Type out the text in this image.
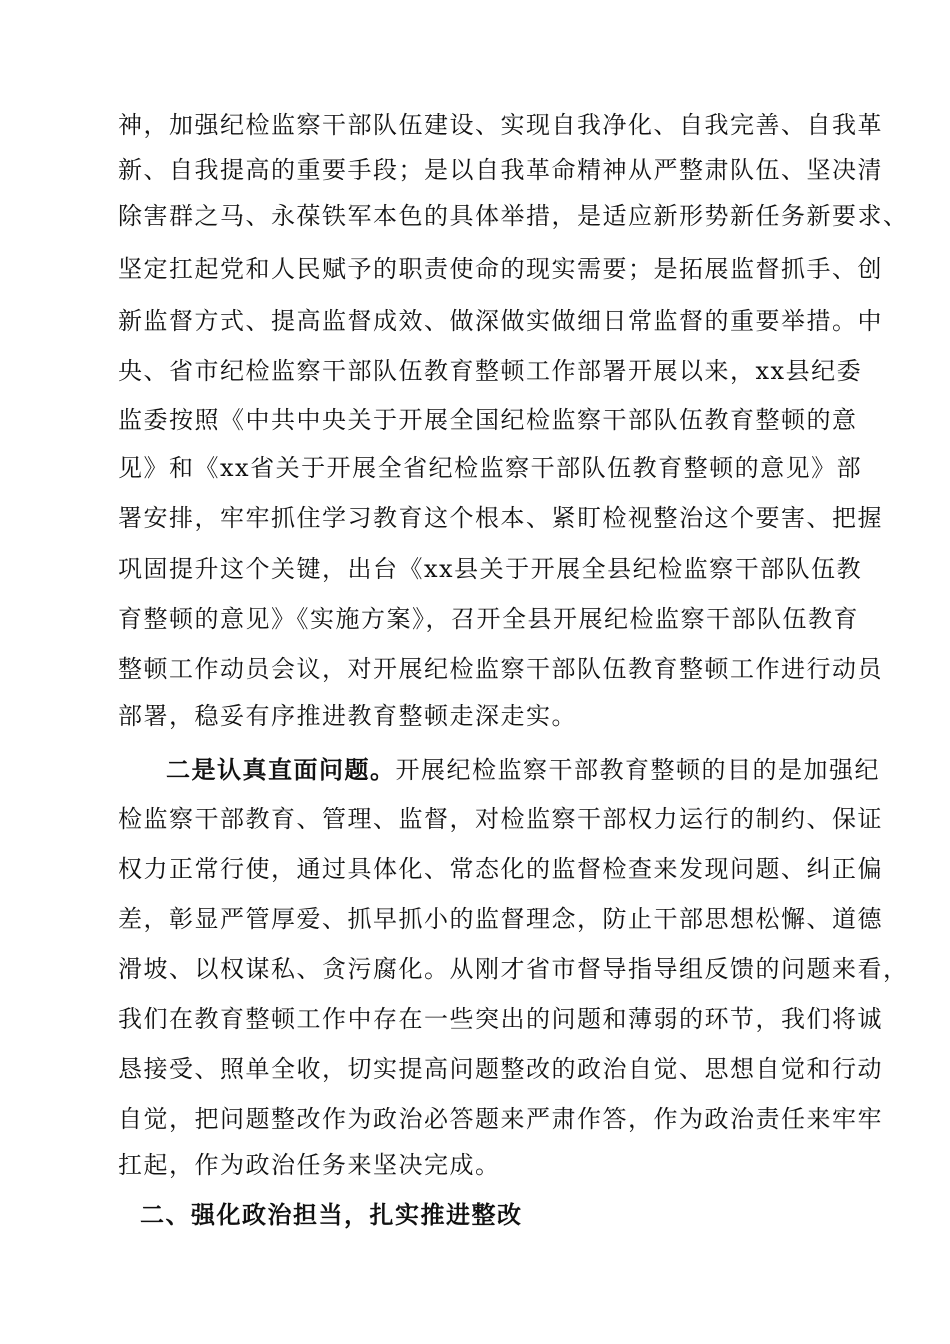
神，加强纪检监察干部队伍建设、实现自我净化、自我完善、自我革
新、自我提高的重要手段；是以自我革命精神从严整肃队伍、坚决清
除害群之马、永葆铁军本色的具体举措，是适应新形势新任务新要求、
坚定扛起党和人民赋予的职责使命的现实需要；是拓展监督抓手、创
新监督方式、提高监督成效、做深做实做细日常监督的重要举措。中
央、省市纪检监察干部队伍教育整顿工作部署开展以来，xx县纪委
监委按照《中共中央关于开展全国纪检监察干部队伍教育整顿的意
见》和《xx省关于开展全省纪检监察干部队伍教育整顿的意见》部
署安排，牢牢抓住学习教育这个根本、紧盯检视整治这个要害、把握
巩固提升这个关键，出台《xx县关于开展全县纪检监察干部队伍教
育整顿的意见》《实施方案》，召开全县开展纪检监察干部队伍教育
整顿工作动员会议，对开展纪检监察干部队伍教育整顿工作进行动员
部署，稳妥有序推进教育整顿走深走实。
二是认真直面问题。开展纪检监察干部教育整顿的目的是加强纪
检监察干部教育、管理、监督，对检监察干部权力运行的制约、保证
权力正常行使，通过具体化、常态化的监督检查来发现问题、纠正偏
差，彰显严管厚爱、抓早抓小的监督理念，防止干部思想松懈、道德
滑坡、以权谋私、贪污腐化。从刚才省市督导指导组反馈的问题来看，
我们在教育整顿工作中存在一些突出的问题和薄弱的环节，我们将诚
恳接受、照单全收，切实提高问题整改的政治自觉、思想自觉和行动
自觉，把问题整改作为政治必答题来严肃作答，作为政治责任来牢牢
扛起，作为政治任务来坚决完成。
二、强化政治担当，扎实推进整改
